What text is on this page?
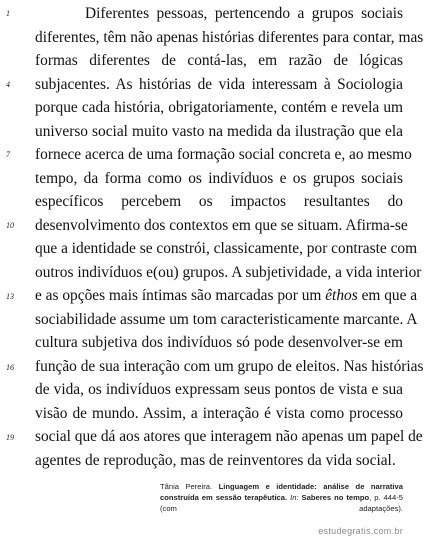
1
4
7
10
13
16
19
Diferentes pessoas, pertencendo a grupos sociais
diferentes, têm não apenas histórias diferentes para contar, mas
formas diferentes de contá-las, em razão de lógicas
subjacentes. As histórias de vida interessam à Sociologia
porque cada história, obrigatoriamente, contém e revela um
universo social muito vasto na medida da ilustração que ela
fornece acerca de uma formação social concreta e, ao mesmo
tempo, da forma como os indivíduos e os grupos sociais
específicos percebem os impactos resultantes do
desenvolvimento dos contextos em que se situam. Afirma-se
que a identidade se constrói, classicamente, por contraste com
outros indivíduos e(ou) grupos. A subjetividade, a vida interior
e as opções mais íntimas são marcadas por um êthos em que a
sociabilidade assume um tom caracteristicamente marcante. A
cultura subjetiva dos indivíduos só pode desenvolver-se em
função de sua interação com um grupo de eleitos. Nas histórias
de vida, os indivíduos expressam seus pontos de vista e sua
visão de mundo. Assim, a interação é vista como processo
social que dá aos atores que interagem não apenas um papel de
agentes de reprodução, mas de reinventores da vida social.
Tânia Pereira. Linguagem e identidade: análise de narrativa construída em sessão terapêutica. In: Saberes no tempo, p. 444-5 (com adaptações).
estudegratis.com.br
